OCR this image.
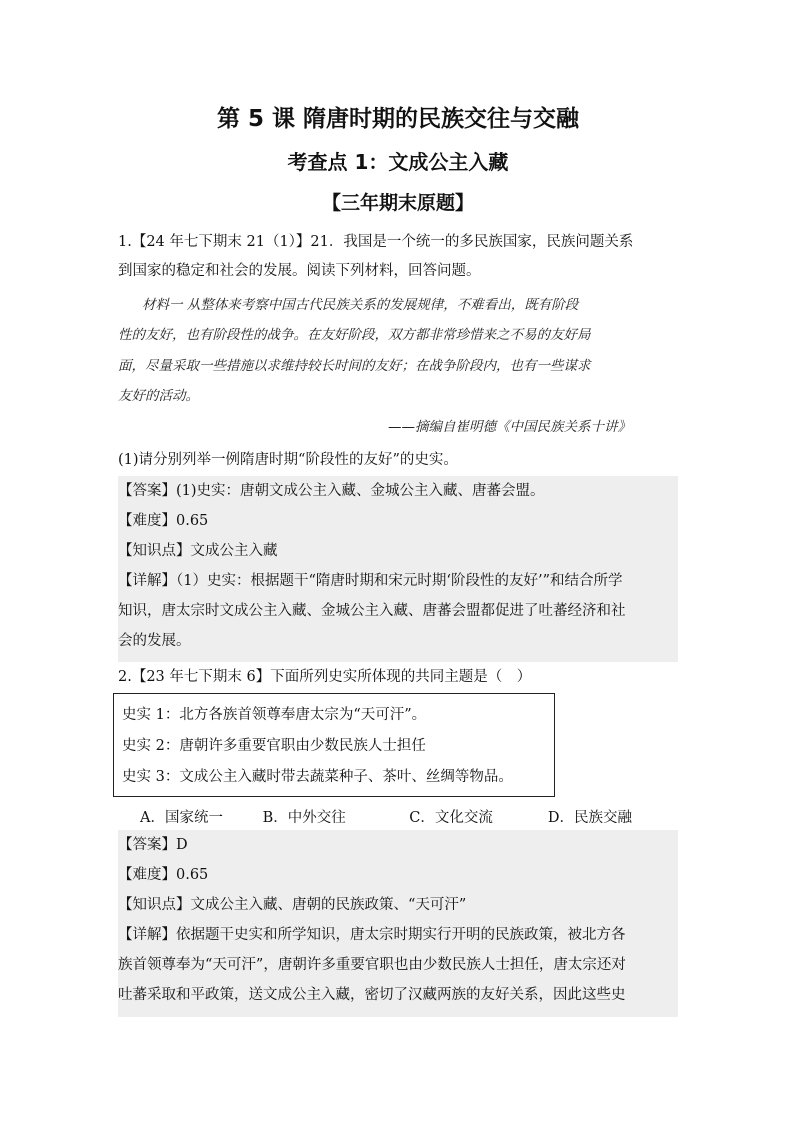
第 5 课 隋唐时期的民族交往与交融
考查点 1：文成公主入藏
【三年期末原题】
1.【24 年七下期末 21（1）】21．我国是一个统一的多民族国家，民族问题关系
到国家的稳定和社会的发展。阅读下列材料，回答问题。
材料一 从整体来考察中国古代民族关系的发展规律，不难看出，既有阶段
性的友好，也有阶段性的战争。在友好阶段，双方都非常珍惜来之不易的友好局
面，尽量采取一些措施以求维持较长时间的友好；在战争阶段内，也有一些谋求
友好的活动。
——摘编自崔明德《中国民族关系十讲》
(1)请分别列举一例隋唐时期“阶段性的友好”的史实。
【答案】(1)史实：唐朝文成公主入藏、金城公主入藏、唐蕃会盟。
【难度】0.65
【知识点】文成公主入藏
【详解】（1）史实：根据题干“隋唐时期和宋元时期‘阶段性的友好’”和结合所学
知识，唐太宗时文成公主入藏、金城公主入藏、唐蕃会盟都促进了吐蕃经济和社
会的发展。
2.【23 年七下期末 6】下面所列史实所体现的共同主题是（　）
史实 1：北方各族首领尊奉唐太宗为“天可汗”。
史实 2：唐朝许多重要官职由少数民族人士担任
史实 3：文成公主入藏时带去蔬菜种子、茶叶、丝绸等物品。
A．国家统一	B．中外交往	C．文化交流	D．民族交融
【答案】D
【难度】0.65
【知识点】文成公主入藏、唐朝的民族政策、“天可汗”
【详解】依据题干史实和所学知识，唐太宗时期实行开明的民族政策，被北方各
族首领尊奉为“天可汗”，唐朝许多重要官职也由少数民族人士担任，唐太宗还对
吐蕃采取和平政策，送文成公主入藏，密切了汉藏两族的友好关系，因此这些史
